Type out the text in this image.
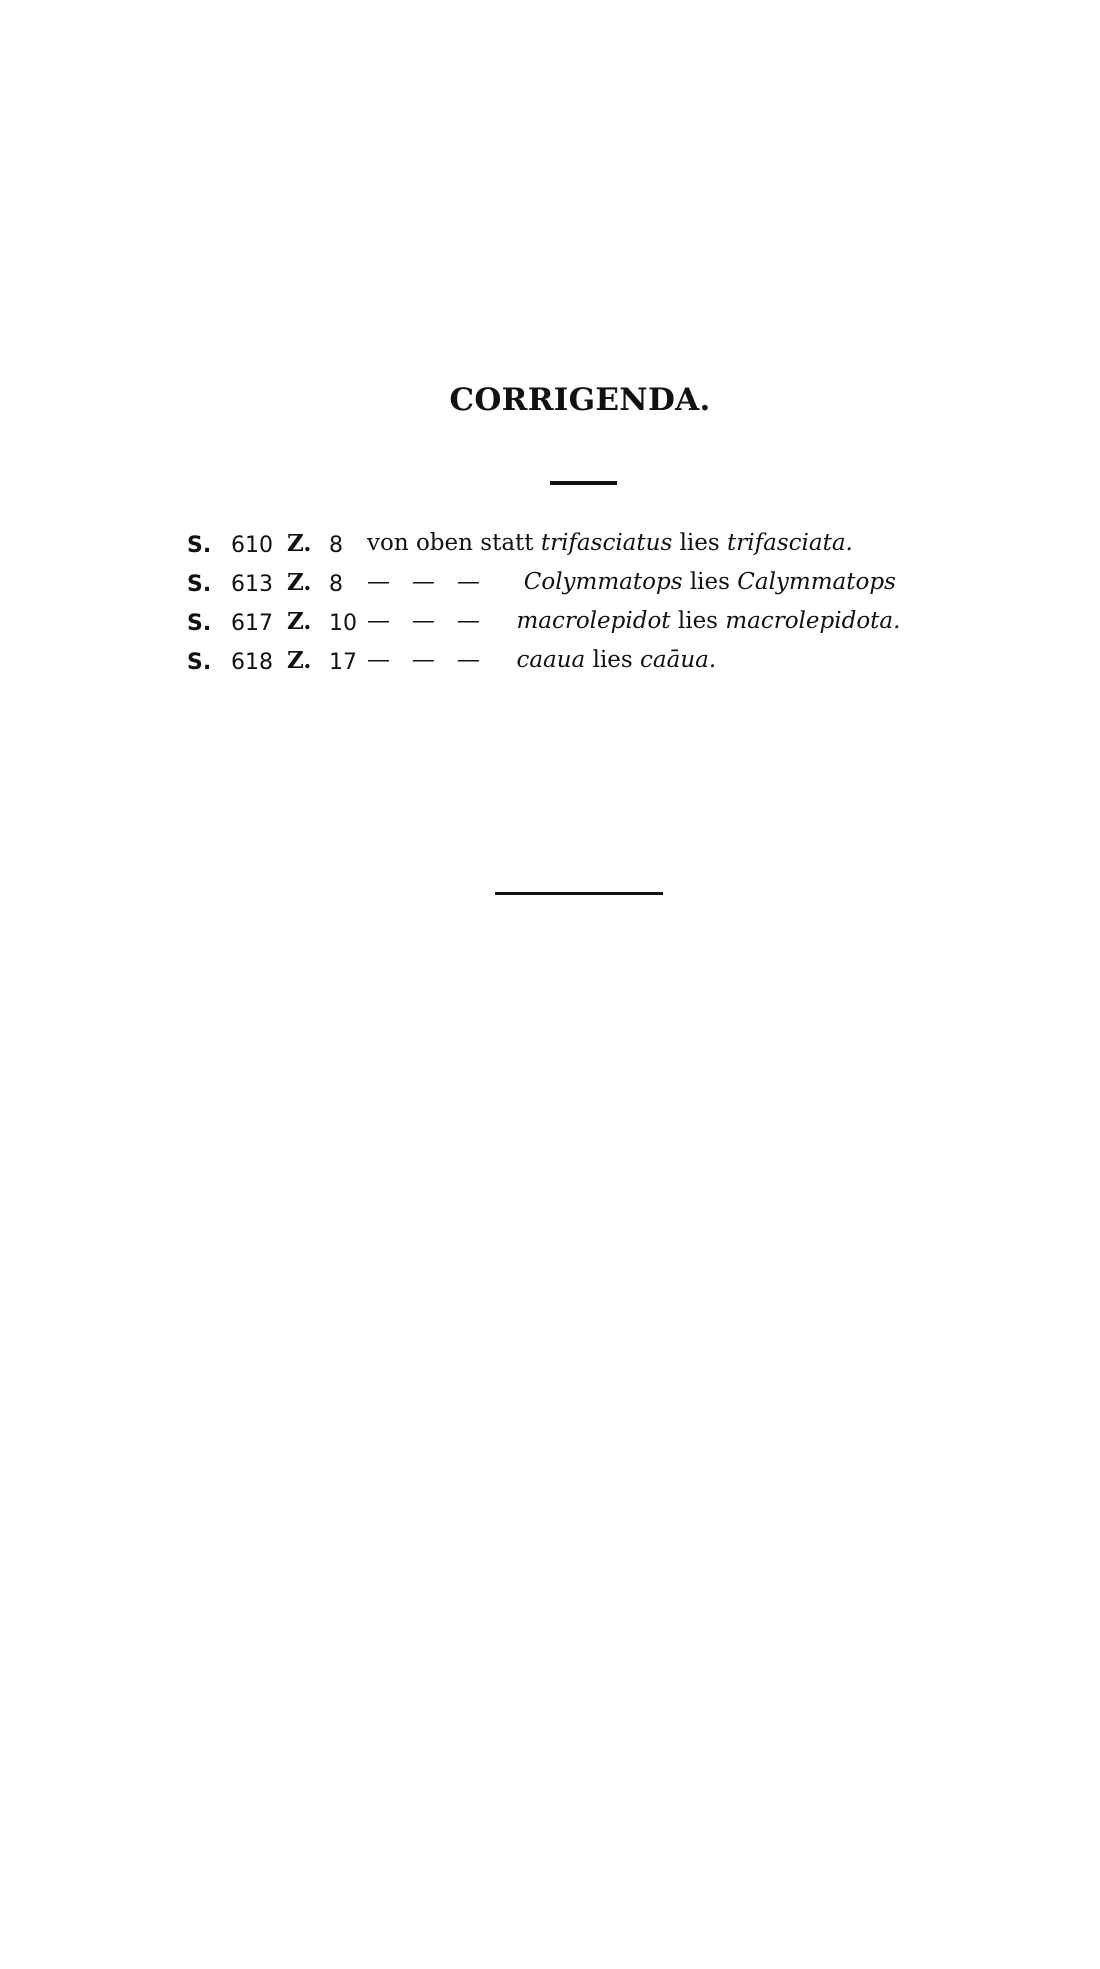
CORRIGENDA.
S. 610 Z. 8 von oben statt trifasciatus lies trifasciata.
S. 613 Z. 8 —   —   — Colymmatops lies Calymmatops
S. 617 Z. 10 —   —   — macrolepidot lies macrolepidota.
S. 618 Z. 17 —   —   — caaua lies caāua.
